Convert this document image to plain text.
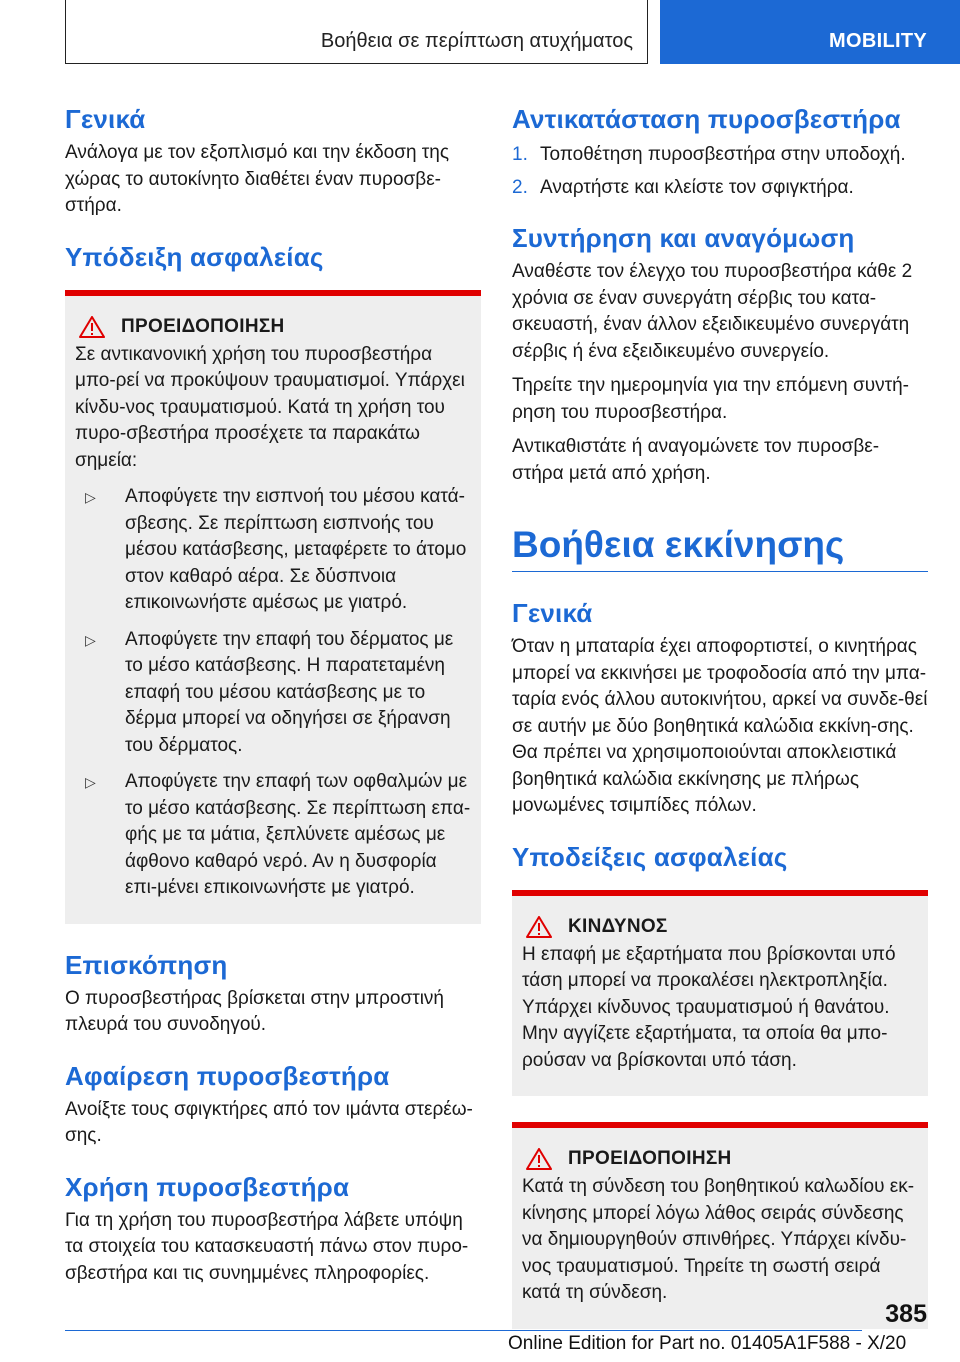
Βοήθεια σε περίπτωση ατυχήματος	MOBILITY
Γενικά

Ανάλογα με τον εξοπλισμό και την έκδοση της χώρας το αυτοκίνητο διαθέτει έναν πυροσβε-στήρα.

Υπόδειξη ασφαλείας
ΠΡΟΕΙΔΟΠΟΙΗΣΗ

Σε αντικανονική χρήση του πυροσβεστήρα μπο-ρεί να προκύψουν τραυματισμοί. Υπάρχει κίνδυ-νος τραυματισμού. Κατά τη χρήση του πυρο-σβεστήρα προσέχετε τα παρακάτω σημεία:

▷	Αποφύγετε την εισπνοή του μέσου κατά-σβεσης. Σε περίπτωση εισπνοής του μέσου κατάσβεσης, μεταφέρετε το άτομο στον καθαρό αέρα. Σε δύσπνοια επικοινωνήστε αμέσως με γιατρό.

▷	Αποφύγετε την επαφή του δέρματος με το μέσο κατάσβεσης. Η παρατεταμένη επαφή του μέσου κατάσβεσης με το δέρμα μπορεί να οδηγήσει σε ξήρανση του δέρματος.

▷	Αποφύγετε την επαφή των οφθαλμών με το μέσο κατάσβεσης. Σε περίπτωση επα-φής με τα μάτια, ξεπλύνετε αμέσως με άφθονο καθαρό νερό. Αν η δυσφορία επι-μένει επικοινωνήστε με γιατρό.

Επισκόπηση

Ο πυροσβεστήρας βρίσκεται στην μπροστινή πλευρά του συνοδηγού.

Αφαίρεση πυροσβεστήρα

Ανοίξτε τους σφιγκτήρες από τον ιμάντα στερέω-σης.

Χρήση πυροσβεστήρα

Για τη χρήση του πυροσβεστήρα λάβετε υπόψη τα στοιχεία του κατασκευαστή πάνω στον πυρο-σβεστήρα και τις συνημμένες πληροφορίες.

Αντικατάσταση πυροσβεστήρα
1. Τοποθέτηση πυροσβεστήρα στην υποδοχή.

2. Αναρτήστε και κλείστε τον σφιγκτήρα.

Συντήρηση και αναγόμωση

Αναθέστε τον έλεγχο του πυροσβεστήρα κάθε 2 χρόνια σε έναν συνεργάτη σέρβις του κατα-σκευαστή, έναν άλλον εξειδικευμένο συνεργάτη σέρβις ή ένα εξειδικευμένο συνεργείο.

Τηρείτε την ημερομηνία για την επόμενη συντή-ρηση του πυροσβεστήρα.

Αντικαθιστάτε ή αναγομώνετε τον πυροσβε-στήρα μετά από χρήση.

Βοήθεια εκκίνησης
Γενικά

Όταν η μπαταρία έχει αποφορτιστεί, ο κινητήρας μπορεί να εκκινήσει με τροφοδοσία από την μπα-ταρία ενός άλλου αυτοκινήτου, αρκεί να συνδε-θεί σε αυτήν με δύο βοηθητικά καλώδια εκκίνη-σης. Θα πρέπει να χρησιμοποιούνται αποκλειστικά βοηθητικά καλώδια εκκίνησης με πλήρως μονωμένες τσιμπίδες πόλων.

Υποδείξεις ασφαλείας
ΚΙΝΔΥΝΟΣ

Η επαφή με εξαρτήματα που βρίσκονται υπό τάση μπορεί να προκαλέσει ηλεκτροπληξία. Υπάρχει κίνδυνος τραυματισμού ή θανάτου. Μην αγγίζετε εξαρτήματα, τα οποία θα μπο-ρούσαν να βρίσκονται υπό τάση.

ΠΡΟΕΙΔΟΠΟΙΗΣΗ

Κατά τη σύνδεση του βοηθητικού καλωδίου εκ-κίνησης μπορεί λόγω λάθος σειράς σύνδεσης να δημιουργηθούν σπινθήρες. Υπάρχει κίνδυ-νος τραυματισμού. Τηρείτε τη σωστή σειρά κατά τη σύνδεση.

385
Online Edition for Part no. 01405A1F588 - X/20
